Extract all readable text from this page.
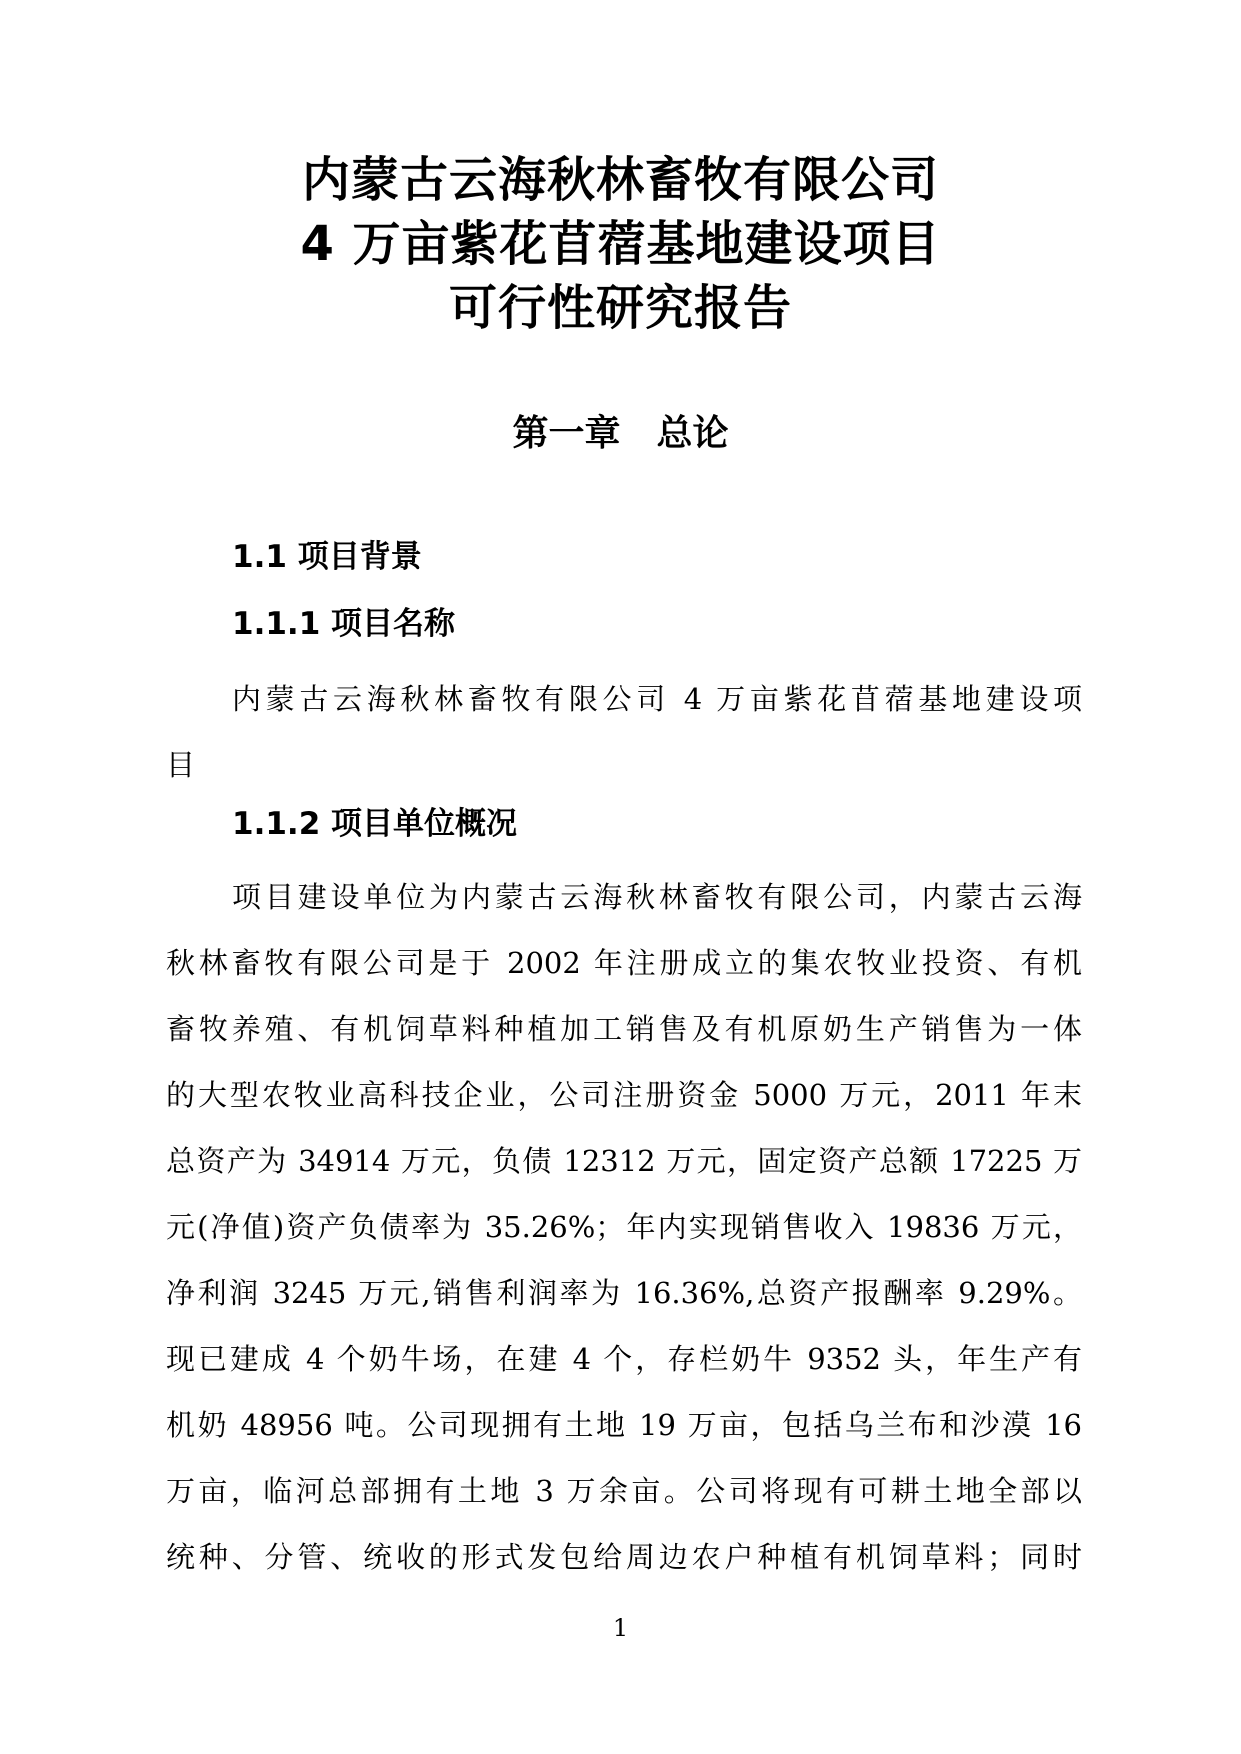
内蒙古云海秋林畜牧有限公司
4 万亩紫花苜蓿基地建设项目
可行性研究报告
第一章　总论
1.1 项目背景
1.1.1 项目名称
内蒙古云海秋林畜牧有限公司 4 万亩紫花苜蓿基地建设项
目
1.1.2 项目单位概况
项目建设单位为内蒙古云海秋林畜牧有限公司，内蒙古云海
秋林畜牧有限公司是于 2002 年注册成立的集农牧业投资、有机
畜牧养殖、有机饲草料种植加工销售及有机原奶生产销售为一体
的大型农牧业高科技企业，公司注册资金 5000 万元，2011 年末
总资产为 34914 万元，负债 12312 万元，固定资产总额 17225 万
元(净值)资产负债率为 35.26%；年内实现销售收入 19836 万元，
净利润 3245 万元,销售利润率为 16.36%,总资产报酬率 9.29%。
现已建成 4 个奶牛场，在建 4 个，存栏奶牛 9352 头，年生产有
机奶 48956 吨。公司现拥有土地 19 万亩，包括乌兰布和沙漠 16
万亩，临河总部拥有土地 3 万余亩。公司将现有可耕土地全部以
统种、分管、统收的形式发包给周边农户种植有机饲草料；同时
1
